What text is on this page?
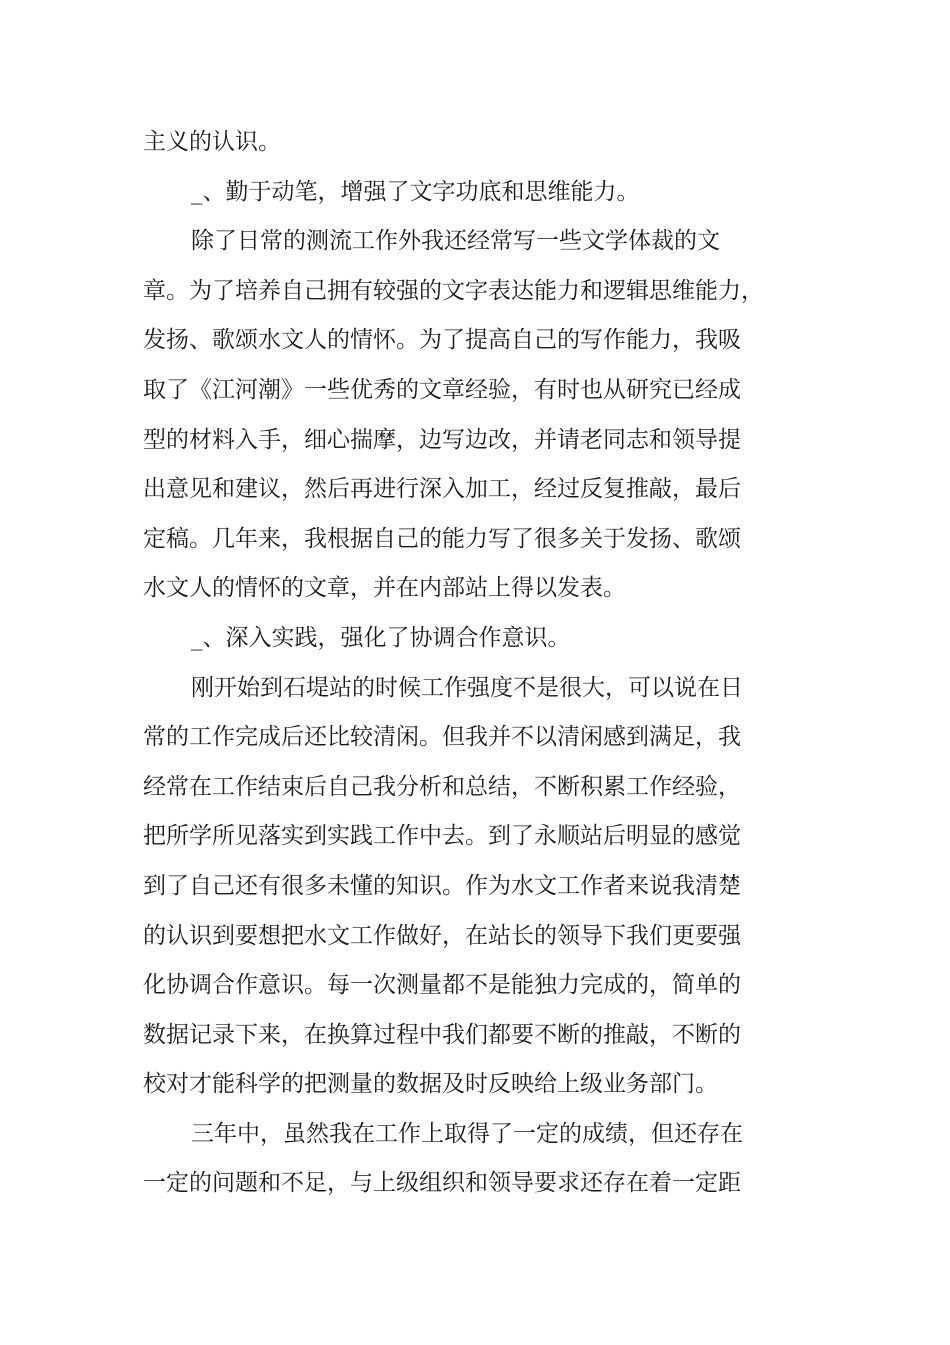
主义的认识。
_、勤于动笔，增强了文字功底和思维能力。
除了日常的测流工作外我还经常写一些文学体裁的文
章。为了培养自己拥有较强的文字表达能力和逻辑思维能力，
发扬、歌颂水文人的情怀。为了提高自己的写作能力，我吸
取了《江河潮》一些优秀的文章经验，有时也从研究已经成
型的材料入手，细心揣摩，边写边改，并请老同志和领导提
出意见和建议，然后再进行深入加工，经过反复推敲，最后
定稿。几年来，我根据自己的能力写了很多关于发扬、歌颂
水文人的情怀的文章，并在内部站上得以发表。
_、深入实践，强化了协调合作意识。
刚开始到石堤站的时候工作强度不是很大，可以说在日
常的工作完成后还比较清闲。但我并不以清闲感到满足，我
经常在工作结束后自己我分析和总结，不断积累工作经验，
把所学所见落实到实践工作中去。到了永顺站后明显的感觉
到了自己还有很多未懂的知识。作为水文工作者来说我清楚
的认识到要想把水文工作做好，在站长的领导下我们更要强
化协调合作意识。每一次测量都不是能独力完成的，简单的
数据记录下来，在换算过程中我们都要不断的推敲，不断的
校对才能科学的把测量的数据及时反映给上级业务部门。
三年中，虽然我在工作上取得了一定的成绩，但还存在
一定的问题和不足，与上级组织和领导要求还存在着一定距
